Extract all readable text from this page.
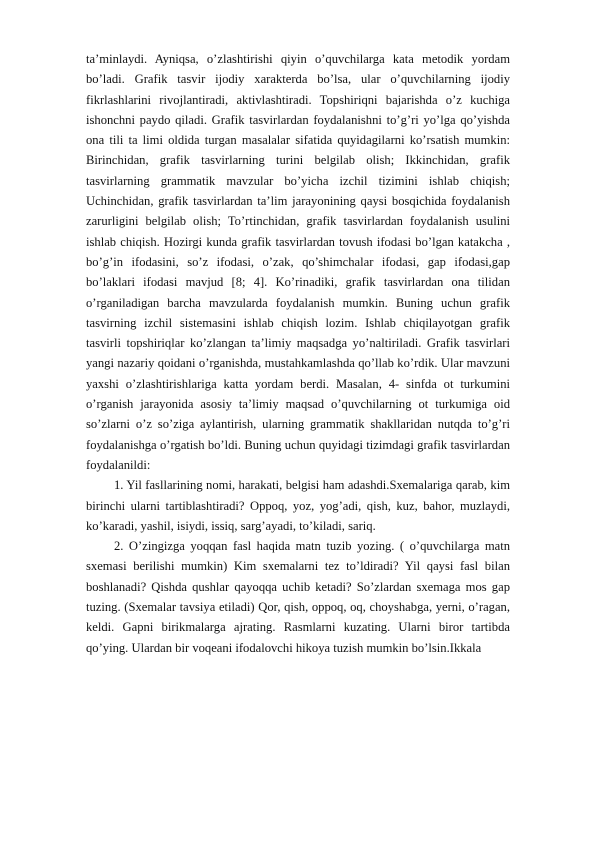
ta’minlaydi. Ayniqsa, o’zlashtirishi qiyin o’quvchilarga kata metodik yordam bo’ladi. Grafik tasvir ijodiy xarakterda bo’lsa, ular o’quvchilarning ijodiy fikrlashlarini rivojlantiradi, aktivlashtiradi. Topshiriqni bajarishda o’z kuchiga ishonchni paydo qiladi. Grafik tasvirlardan foydalanishni to’g’ri yo’lga qo’yishda ona tili ta limi oldida turgan masalalar sifatida quyidagilarni ko’rsatish mumkin: Birinchidan, grafik tasvirlarning turini belgilab olish; Ikkinchidan, grafik tasvirlarning grammatik mavzular bo’yicha izchil tizimini ishlab chiqish; Uchinchidan, grafik tasvirlardan ta’lim jarayonining qaysi bosqichida foydalanish zarurligini belgilab olish; To’rtinchidan, grafik tasvirlardan foydalanish usulini ishlab chiqish. Hozirgi kunda grafik tasvirlardan tovush ifodasi bo’lgan katakcha , bo’g’in ifodasini, so’z ifodasi, o’zak, qo’shimchalar ifodasi, gap ifodasi,gap bo’laklari ifodasi mavjud [8; 4]. Ko’rinadiki, grafik tasvirlardan ona tilidan o’rganiladigan barcha mavzularda foydalanish mumkin. Buning uchun grafik tasvirning izchil sistemasini ishlab chiqish lozim. Ishlab chiqilayotgan grafik tasvirli topshiriqlar ko’zlangan ta’limiy maqsadga yo’naltiriladi. Grafik tasvirlari yangi nazariy qoidani o’rganishda, mustahkamlashda qo’llab ko’rdik. Ular mavzuni yaxshi o’zlashtirishlariga katta yordam berdi. Masalan, 4- sinfda ot turkumini o’rganish jarayonida asosiy ta’limiy maqsad o’quvchilarning ot turkumiga oid so’zlarni o’z so’ziga aylantirish, ularning grammatik shakllaridan nutqda to’g’ri foydalanishga o’rgatish bo’ldi. Buning uchun quyidagi tizimdagi grafik tasvirlardan foydalanildi:

1. Yil fasllarining nomi, harakati, belgisi ham adashdi.Sxemalariga qarab, kim birinchi ularni tartiblashtiradi? Oppoq, yoz, yog’adi, qish, kuz, bahor, muzlaydi, ko’karadi, yashil, isiydi, issiq, sarg’ayadi, to’kiladi, sariq.

2. O’zingizga yoqqan fasl haqida matn tuzib yozing. ( o’quvchilarga matn sxemasi berilishi mumkin) Kim sxemalarni tez to’ldiradi? Yil qaysi fasl bilan boshlanadi? Qishda qushlar qayoqqa uchib ketadi? So’zlardan sxemaga mos gap tuzing. (Sxemalar tavsiya etiladi) Qor, qish, oppoq, oq, choyshabga, yerni, o’ragan, keldi. Gapni birikmalarga ajrating. Rasmlarni kuzating. Ularni biror tartibda qo’ying. Ulardan bir voqeani ifodalovchi hikoya tuzish mumkin bo’lsin.Ikkala
